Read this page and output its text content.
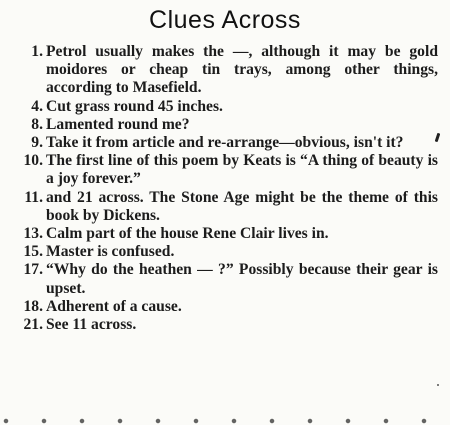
Clues Across
1. Petrol usually makes the —, although it may be gold moidores or cheap tin trays, among other things, according to Masefield.
4. Cut grass round 45 inches.
8. Lamented round me?
9. Take it from article and re-arrange—obvious, isn't it?
10. The first line of this poem by Keats is “A thing of beauty is a joy forever.”
11. and 21 across. The Stone Age might be the theme of this book by Dickens.
13. Calm part of the house Rene Clair lives in.
15. Master is confused.
17. “Why do the heathen — ?” Possibly because their gear is upset.
18. Adherent of a cause.
21. See 11 across.
